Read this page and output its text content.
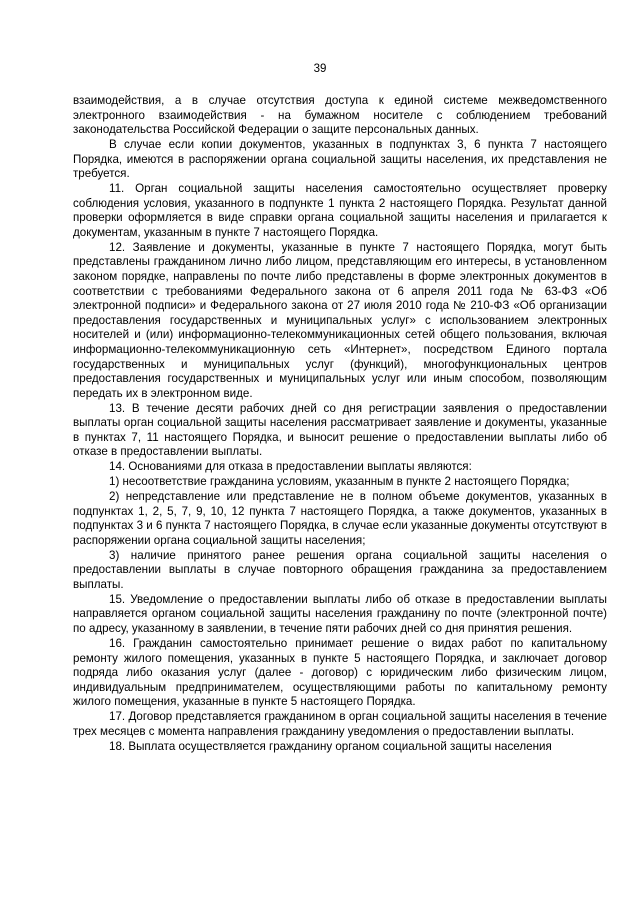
39

взаимодействия, а в случае отсутствия доступа к единой системе межведомственного электронного взаимодействия - на бумажном носителе с соблюдением требований законодательства Российской Федерации о защите персональных данных.

В случае если копии документов, указанных в подпунктах 3, 6 пункта 7 настоящего Порядка, имеются в распоряжении органа социальной защиты населения, их представления не требуется.

11. Орган социальной защиты населения самостоятельно осуществляет проверку соблюдения условия, указанного в подпункте 1 пункта 2 настоящего Порядка. Результат данной проверки оформляется в виде справки органа социальной защиты населения и прилагается к документам, указанным в пункте 7 настоящего Порядка.

12. Заявление и документы, указанные в пункте 7 настоящего Порядка, могут быть представлены гражданином лично либо лицом, представляющим его интересы, в установленном законом порядке, направлены по почте либо представлены в форме электронных документов в соответствии с требованиями Федерального закона от 6 апреля 2011 года № 63-ФЗ «Об электронной подписи» и Федерального закона от 27 июля 2010 года № 210-ФЗ «Об организации предоставления государственных и муниципальных услуг» с использованием электронных носителей и (или) информационно-телекоммуникационных сетей общего пользования, включая информационно-телекоммуникационную сеть «Интернет», посредством Единого портала государственных и муниципальных услуг (функций), многофункциональных центров предоставления государственных и муниципальных услуг или иным способом, позволяющим передать их в электронном виде.

13. В течение десяти рабочих дней со дня регистрации заявления о предоставлении выплаты орган социальной защиты населения рассматривает заявление и документы, указанные в пунктах 7, 11 настоящего Порядка, и выносит решение о предоставлении выплаты либо об отказе в предоставлении выплаты.

14. Основаниями для отказа в предоставлении выплаты являются:

1) несоответствие гражданина условиям, указанным в пункте 2 настоящего Порядка;

2) непредставление или представление не в полном объеме документов, указанных в подпунктах 1, 2, 5, 7, 9, 10, 12 пункта 7 настоящего Порядка, а также документов, указанных в подпунктах 3 и 6 пункта 7 настоящего Порядка, в случае если указанные документы отсутствуют в распоряжении органа социальной защиты населения;

3) наличие принятого ранее решения органа социальной защиты населения о предоставлении выплаты в случае повторного обращения гражданина за предоставлением выплаты.

15. Уведомление о предоставлении выплаты либо об отказе в предоставлении выплаты направляется органом социальной защиты населения гражданину по почте (электронной почте) по адресу, указанному в заявлении, в течение пяти рабочих дней со дня принятия решения.

16. Гражданин самостоятельно принимает решение о видах работ по капитальному ремонту жилого помещения, указанных в пункте 5 настоящего Порядка, и заключает договор подряда либо оказания услуг (далее - договор) с юридическим либо физическим лицом, индивидуальным предпринимателем, осуществляющими работы по капитальному ремонту жилого помещения, указанные в пункте 5 настоящего Порядка.

17. Договор представляется гражданином в орган социальной защиты населения в течение трех месяцев с момента направления гражданину уведомления о предоставлении выплаты.

18. Выплата осуществляется гражданину органом социальной защиты населения
